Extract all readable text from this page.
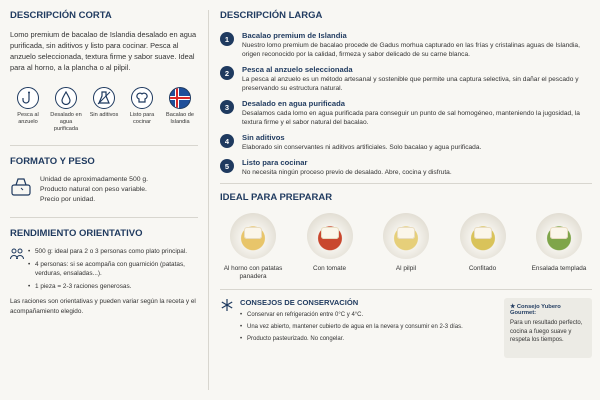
DESCRIPCIÓN CORTA
Lomo premium de bacalao de Islandia desalado en agua purificada, sin aditivos y listo para cocinar. Pesca al anzuelo seleccionada, textura firme y sabor suave. Ideal para al horno, a la plancha o al pilpil.
Pesca al anzuelo
Desalado en agua purificada
Sin aditivos	Listo para cocinar
Bacalao de Islandia
FORMATO Y PESO
Unidad de aproximadamente 500 g.
Producto natural con peso variable.
Precio por unidad.
RENDIMIENTO ORIENTATIVO
• 500 g: ideal para 2 o 3 personas como plato principal.
• 4 personas: si se acompaña con guarnición (patatas, verduras, ensaladas...).
• 1 pieza = 2-3 raciones generosas.
Las raciones son orientativas y pueden variar según la receta y el acompañamiento elegido.
DESCRIPCIÓN LARGA
1	Bacalao premium de Islandia
Nuestro lomo premium de bacalao procede de Gadus morhua capturado en las frías y cristalinas aguas de Islandia, origen reconocido por la calidad, firmeza y sabor delicado de su carne blanca.
2	Pesca al anzuelo seleccionada
La pesca al anzuelo es un método artesanal y sostenible que permite una captura selectiva, sin dañar el pescado y preservando su estructura natural.
3	Desalado en agua purificada
Desalamos cada lomo en agua purificada para conseguir un punto de sal homogéneo, manteniendo la jugosidad, la textura firme y el sabor natural del bacalao.
4	Sin aditivos
Elaborado sin conservantes ni aditivos artificiales. Solo bacalao y agua purificada.
5	Listo para cocinar
No necesita ningún proceso previo de desalado. Abre, cocina y disfruta.
IDEAL PARA PREPARAR
Al horno con patatas panadera
Con tomate	Al pilpil	Confitado	Ensalada templada
CONSEJOS DE CONSERVACIÓN
• Conservar en refrigeración entre 0°C y 4°C.
• Una vez abierto, mantener cubierto de agua en la nevera y consumir en 2-3 días.
• Producto pasteurizado. No congelar.
★ Consejo Yubero Gourmet:
Para un resultado perfecto, cocina a fuego suave y respeta los tiempos.
